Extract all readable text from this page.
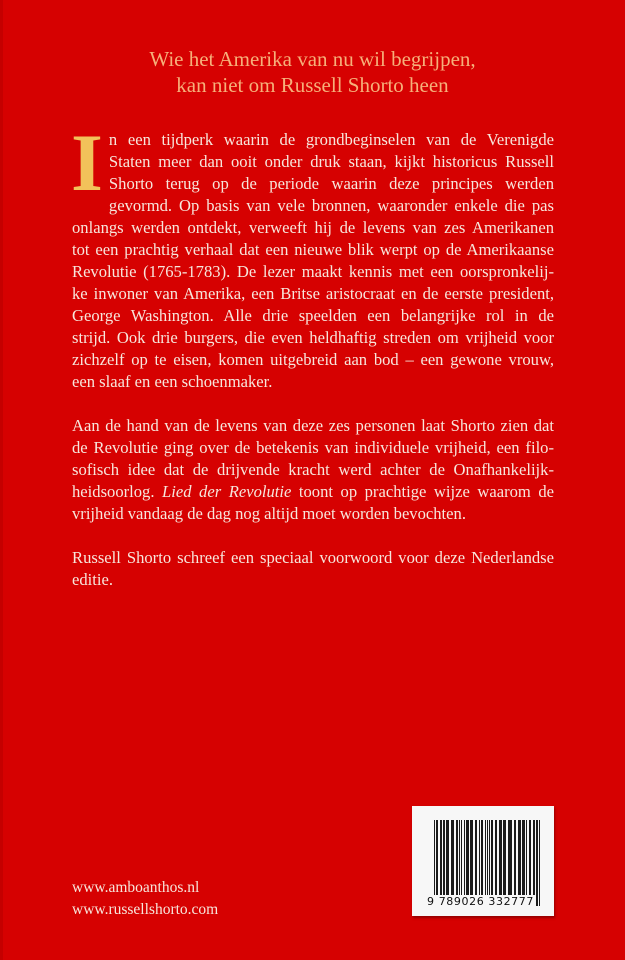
Wie het Amerika van nu wil begrijpen,
kan niet om Russell Shorto heen

I n een tijdperk waarin de grondbeginselen van de Verenigde
Staten meer dan ooit onder druk staan, kijkt historicus Russell
Shorto terug op de periode waarin deze principes werden
gevormd. Op basis van vele bronnen, waaronder enkele die pas
onlangs werden ontdekt, verweeft hij de levens van zes Amerikanen
tot een prachtig verhaal dat een nieuwe blik werpt op de Amerikaanse
Revolutie (1765-1783). De lezer maakt kennis met een oorspronkelij-
ke inwoner van Amerika, een Britse aristocraat en de eerste president,
George Washington. Alle drie speelden een belangrijke rol in de
strijd. Ook drie burgers, die even heldhaftig streden om vrijheid voor
zichzelf op te eisen, komen uitgebreid aan bod – een gewone vrouw,
een slaaf en een schoenmaker.

Aan de hand van de levens van deze zes personen laat Shorto zien dat
de Revolutie ging over de betekenis van individuele vrijheid, een filo-
sofisch idee dat de drijvende kracht werd achter de Onafhankelijk-
heidsoorlog. Lied der Revolutie toont op prachtige wijze waarom de
vrijheid vandaag de dag nog altijd moet worden bevochten.

Russell Shorto schreef een speciaal voorwoord voor deze Nederlandse
editie.

www.amboanthos.nl
www.russellshorto.com	9 789026 332777
